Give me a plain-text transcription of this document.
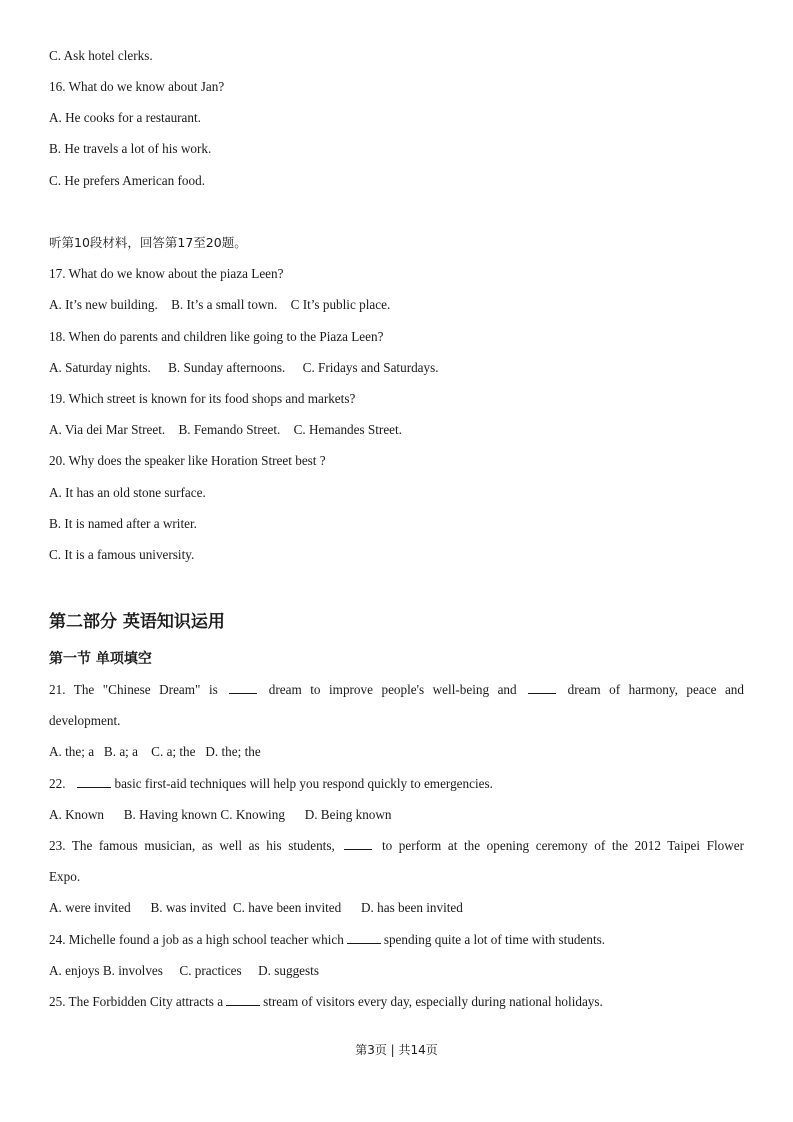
C. Ask hotel clerks.
16. What do we know about Jan?
A. He cooks for a restaurant.
B. He travels a lot of his work.
C. He prefers American food.
听第10段材料，回答第17至20题。
17. What do we know about the piaza Leen?
A. It’s new building. B. It’s a small town. C It’s public place.
18. When do parents and children like going to the Piaza Leen?
A. Saturday nights. B. Sunday afternoons. C. Fridays and Saturdays.
19. Which street is known for its food shops and markets?
A. Via dei Mar Street. B. Femando Street. C. Hemandes Street.
20. Why does the speaker like Horation Street best ?
A. It has an old stone surface.
B. It is named after a writer.
C. It is a famous university.
第二部分 英语知识运用
第一节 单项填空
21. The "Chinese Dream" is	dream to improve people's well-being and	dream of harmony, peace and
development.
A. the; a   B. a; a    C. a; the   D. the; the
22.	basic first-aid techniques will help you respond quickly to emergencies.
A. Known      B. Having known C. Knowing      D. Being known
23. The famous musician, as well as his students,	to perform at the opening ceremony of the 2012 Taipei Flower
Expo.
A. were invited      B. was invited  C. have been invited      D. has been invited
24. Michelle found a job as a high school teacher which	spending quite a lot of time with students.
A. enjoys B. involves     C. practices     D. suggests
25. The Forbidden City attracts a	stream of visitors every day, especially during national holidays.
第3页 | 共14页
